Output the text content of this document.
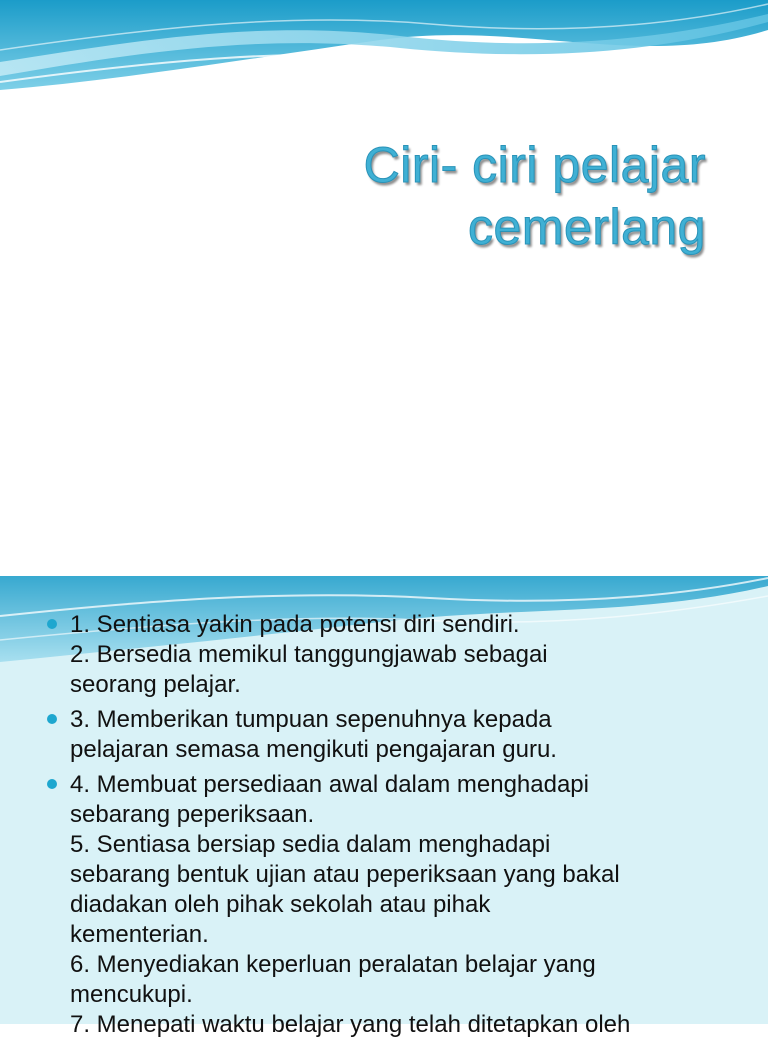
Ciri- ciri pelajar
cemerlang
1. Sentiasa yakin pada potensi diri sendiri.
2. Bersedia memikul tanggungjawab sebagai
seorang pelajar.
3. Memberikan tumpuan sepenuhnya kepada
pelajaran semasa mengikuti pengajaran guru.
4. Membuat persediaan awal dalam menghadapi
sebarang peperiksaan.
5. Sentiasa bersiap sedia dalam menghadapi
sebarang bentuk ujian atau peperiksaan yang bakal
diadakan oleh pihak sekolah atau pihak
kementerian.
6. Menyediakan keperluan peralatan belajar yang
mencukupi.
7. Menepati waktu belajar yang telah ditetapkan oleh
